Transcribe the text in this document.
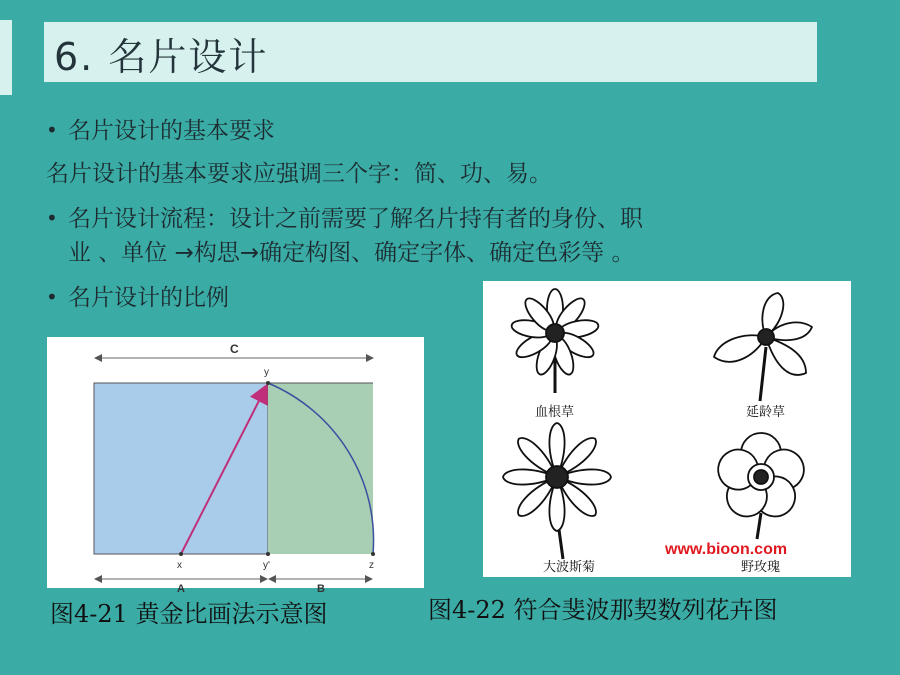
6. 名片设计
• 名片设计的基本要求
名片设计的基本要求应强调三个字：简、功、易。
• 名片设计流程：设计之前需要了解名片持有者的身份、职
业 、单位 →构思→确定构图、确定字体、确定色彩等 。
• 名片设计的比例
C
y
x	y'	z
A	B
图4-21 黄金比画法示意图
血根草	延龄草
大波斯菊	野玫瑰
www.bioon.com
图4-22 符合斐波那契数列花卉图
